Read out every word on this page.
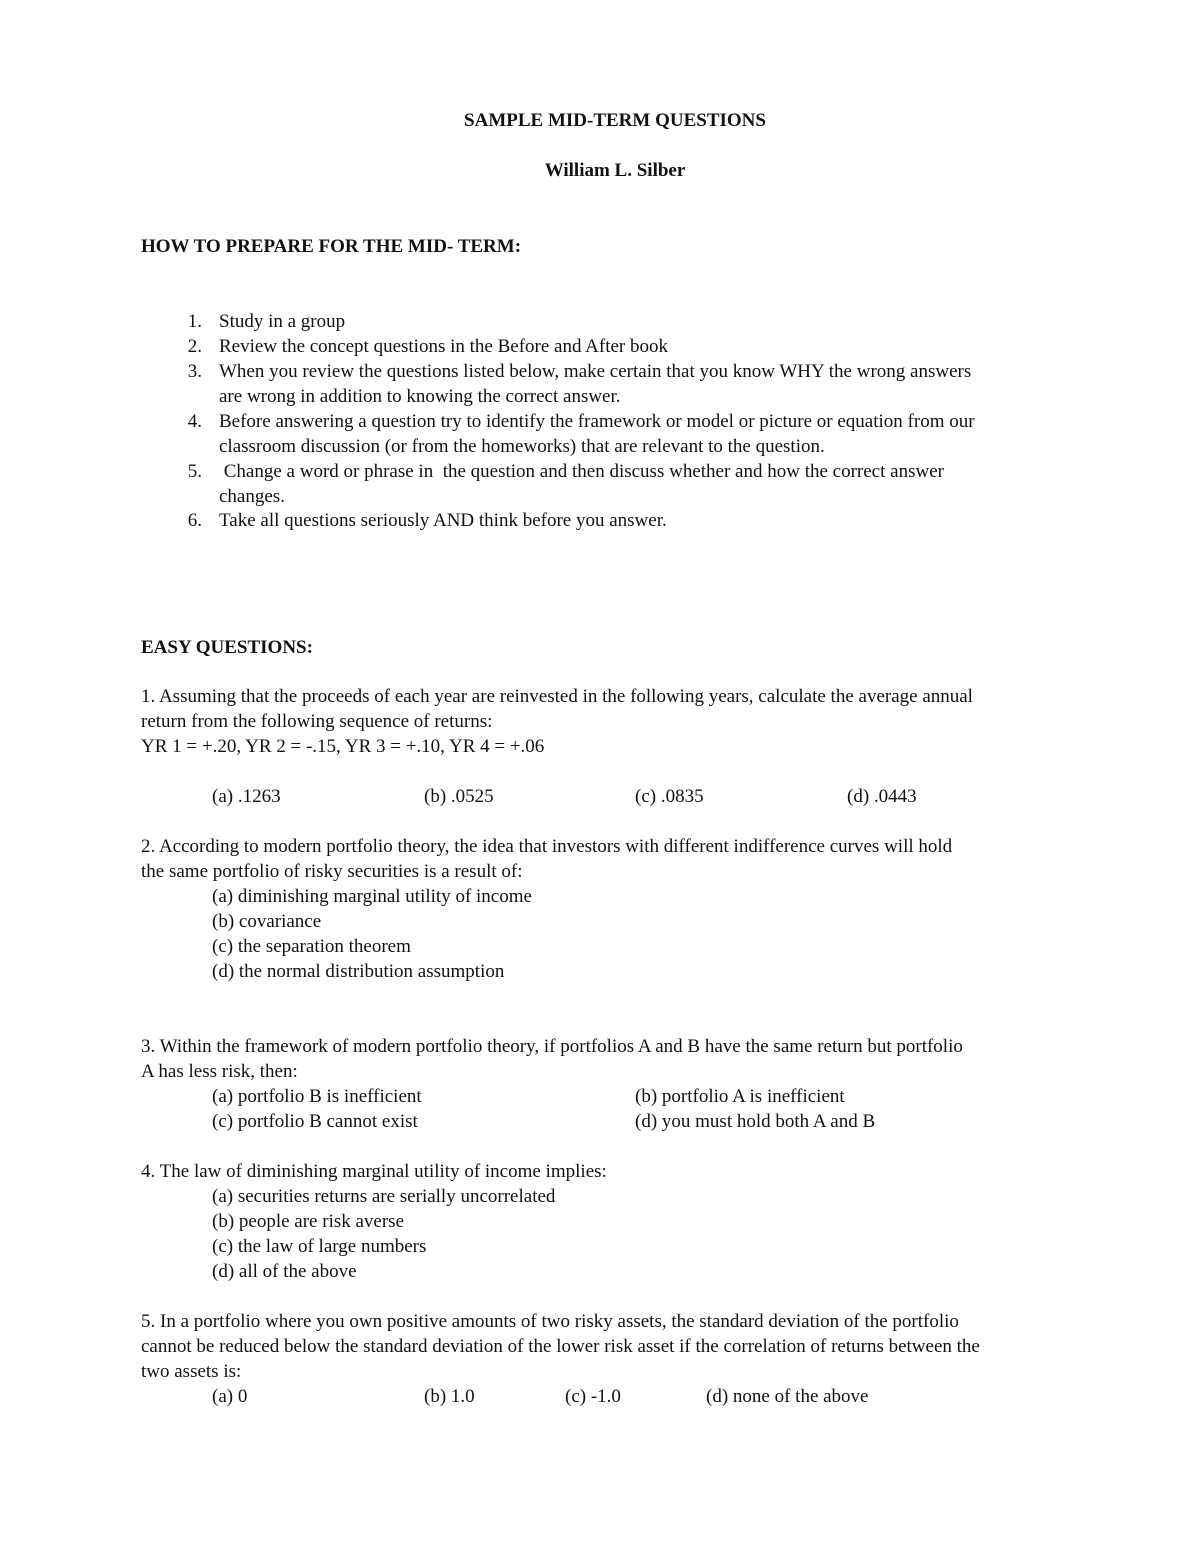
SAMPLE MID-TERM QUESTIONS
William L. Silber
HOW TO PREPARE FOR THE MID- TERM:
1. Study in a group
2. Review the concept questions in the Before and After book
3. When you review the questions listed below, make certain that you know WHY the wrong answers
are wrong in addition to knowing the correct answer.
4. Before answering a question try to identify the framework or model or picture or equation from our
classroom discussion (or from the homeworks) that are relevant to the question.
5. Change a word or phrase in  the question and then discuss whether and how the correct answer
changes.
6. Take all questions seriously AND think before you answer.
EASY QUESTIONS:
1. Assuming that the proceeds of each year are reinvested in the following years, calculate the average annual
return from the following sequence of returns:
YR 1 = +.20, YR 2 = -.15, YR 3 = +.10, YR 4 = +.06
(a) .1263	(b) .0525	(c) .0835	(d) .0443
2. According to modern portfolio theory, the idea that investors with different indifference curves will hold
the same portfolio of risky securities is a result of:
(a) diminishing marginal utility of income
(b) covariance
(c) the separation theorem
(d) the normal distribution assumption
3. Within the framework of modern portfolio theory, if portfolios A and B have the same return but portfolio
A has less risk, then:
(a) portfolio B is inefficient	(b) portfolio A is inefficient
(c) portfolio B cannot exist	(d) you must hold both A and B
4. The law of diminishing marginal utility of income implies:
(a) securities returns are serially uncorrelated
(b) people are risk averse
(c) the law of large numbers
(d) all of the above
5. In a portfolio where you own positive amounts of two risky assets, the standard deviation of the portfolio
cannot be reduced below the standard deviation of the lower risk asset if the correlation of returns between the
two assets is:
(a) 0	(b) 1.0	(c) -1.0	(d) none of the above
